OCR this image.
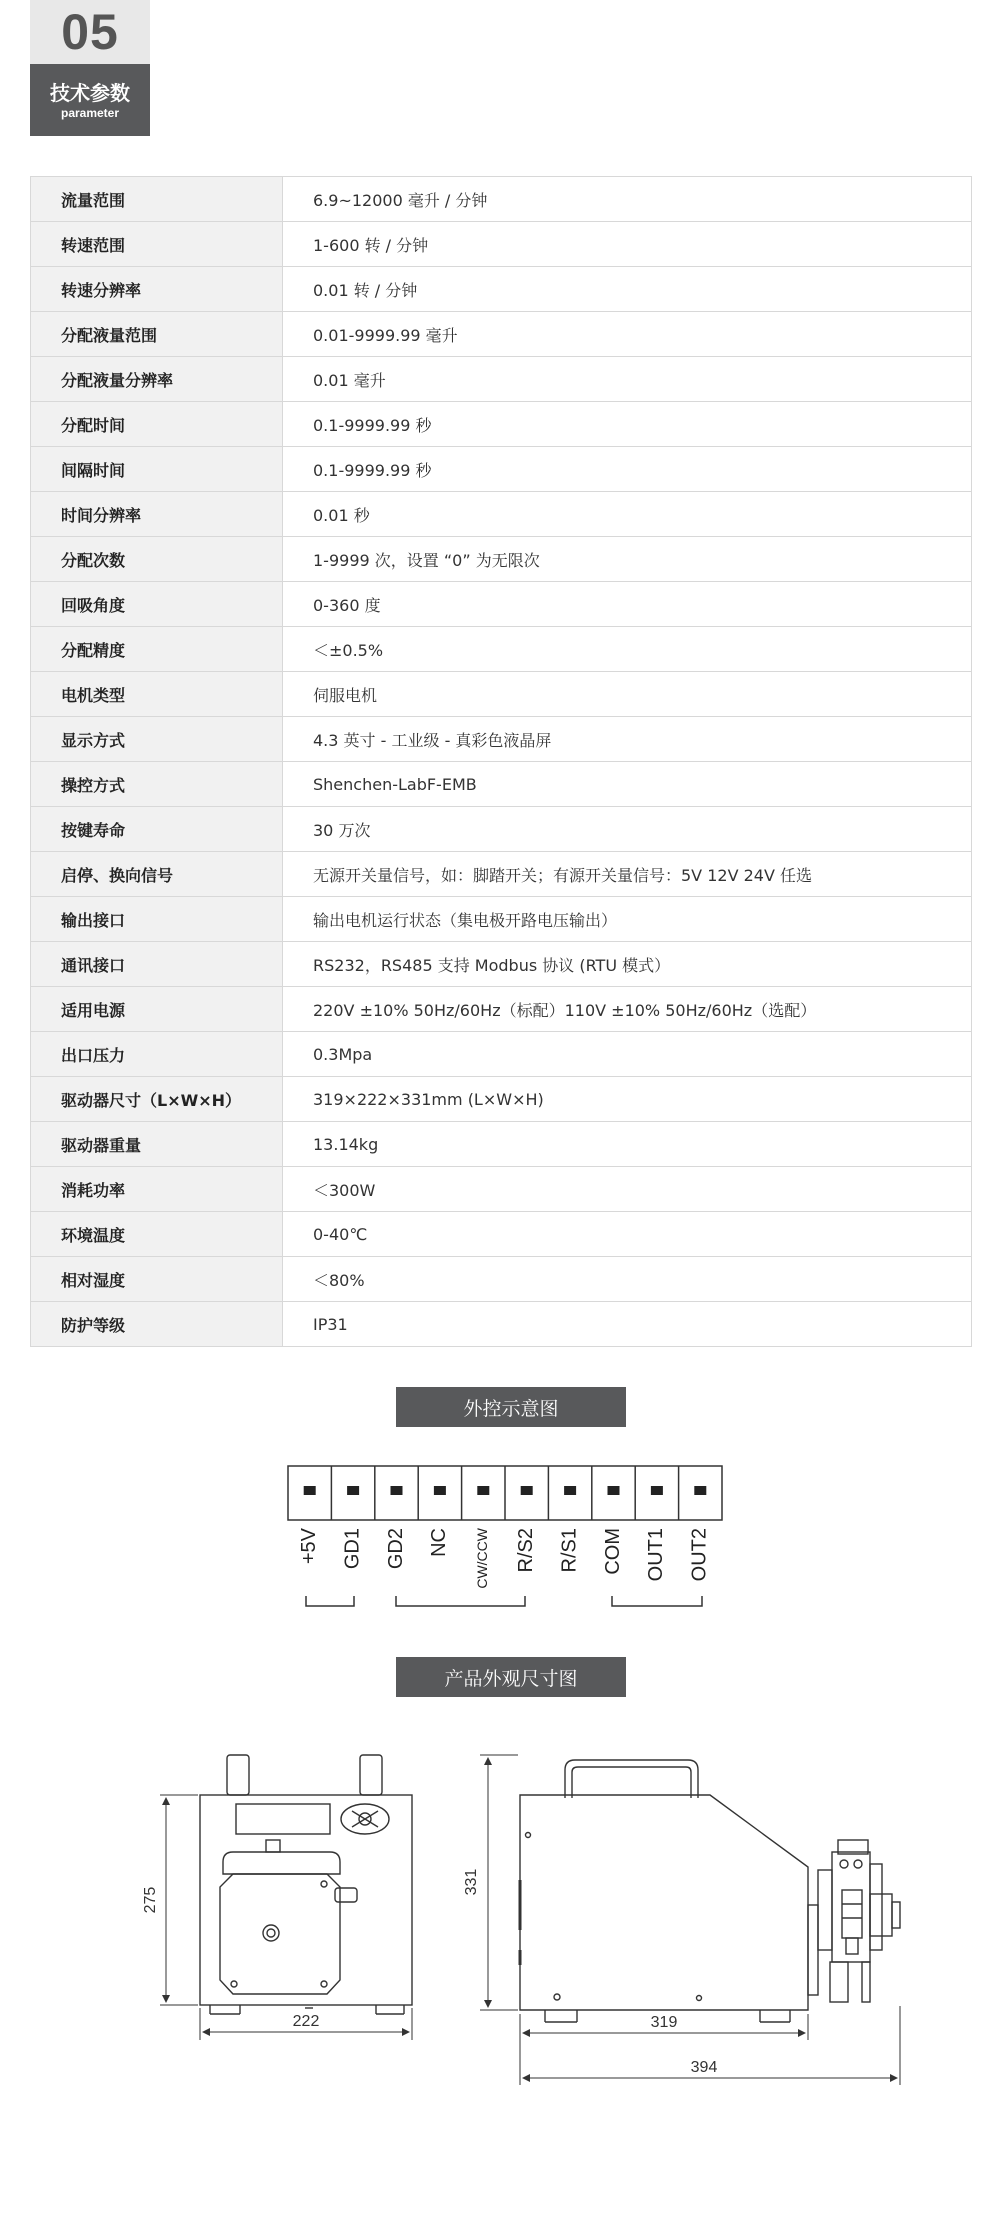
05
技术参数
parameter
流量范围	6.9~12000 毫升 / 分钟
转速范围	1-600 转 / 分钟
转速分辨率	0.01 转 / 分钟
分配液量范围	0.01-9999.99 毫升
分配液量分辨率	0.01 毫升
分配时间	0.1-9999.99 秒
间隔时间	0.1-9999.99 秒
时间分辨率	0.01 秒
分配次数	1-9999 次，设置 “0” 为无限次
回吸角度	0-360 度
分配精度	＜±0.5%
电机类型	伺服电机
显示方式	4.3 英寸 - 工业级 - 真彩色液晶屏
操控方式	Shenchen-LabF-EMB
按键寿命	30 万次
启停、换向信号	无源开关量信号，如：脚踏开关；有源开关量信号：5V 12V 24V 任选
输出接口	输出电机运行状态（集电极开路电压输出）
通讯接口	RS232，RS485 支持 Modbus 协议 (RTU 模式）
适用电源	220V ±10% 50Hz/60Hz（标配）110V ±10% 50Hz/60Hz（选配）
出口压力	0.3Mpa
驱动器尺寸（L×W×H）	319×222×331mm (L×W×H)
驱动器重量	13.14kg
消耗功率	＜300W
环境温度	0-40℃
相对湿度	＜80%
防护等级	IP31
外控示意图
+5V GD1 GD2 NC CW/CCW R/S2 R/S1 COM OUT1 OUT2
产品外观尺寸图
275
222
331
319
394
